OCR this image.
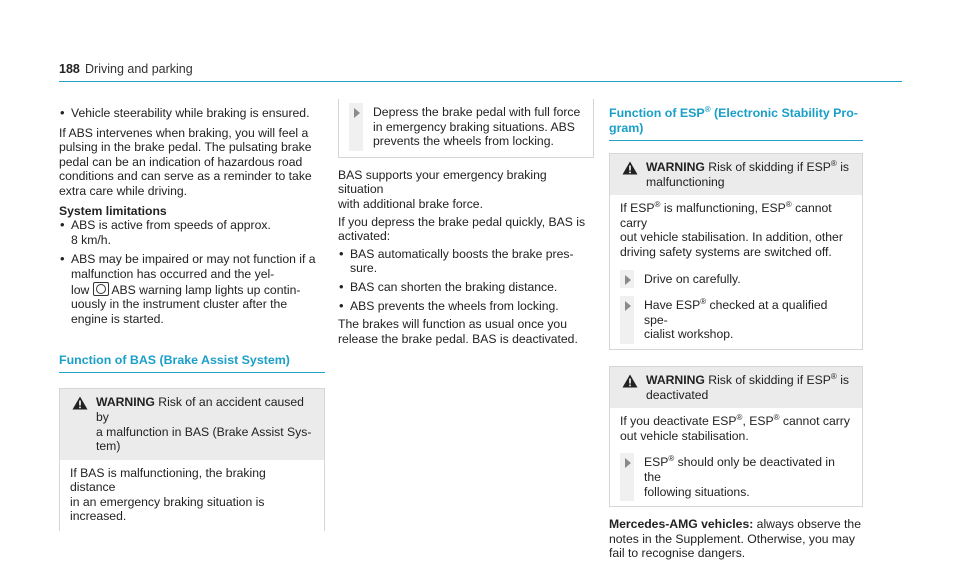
188 Driving and parking

• Vehicle steerability while braking is ensured.

If ABS intervenes when braking, you will feel a
pulsing in the brake pedal. The pulsating brake
pedal can be an indication of hazardous road
conditions and can serve as a reminder to take
extra care while driving.

System limitations

• ABS is active from speeds of approx.
8 km/h.

• ABS may be impaired or may not function if a
malfunction has occurred and the yel-
low ABS warning lamp lights up contin-
uously in the instrument cluster after the
engine is started.

Function of BAS (Brake Assist System)

WARNING Risk of an accident caused by
a malfunction in BAS (Brake Assist Sys-
tem)
If BAS is malfunctioning, the braking distance
in an emergency braking situation is
increased.
Depress the brake pedal with full force
in emergency braking situations. ABS
prevents the wheels from locking.

BAS supports your emergency braking situation
with additional brake force.

If you depress the brake pedal quickly, BAS is
activated:

• BAS automatically boosts the brake pres-
sure.

• BAS can shorten the braking distance.

• ABS prevents the wheels from locking.

The brakes will function as usual once you
release the brake pedal. BAS is deactivated.

Function of ESP® (Electronic Stability Pro-
gram)

WARNING Risk of skidding if ESP® is
malfunctioning
If ESP® is malfunctioning, ESP® cannot carry
out vehicle stabilisation. In addition, other
driving safety systems are switched off.
Drive on carefully.
Have ESP® checked at a qualified spe-
cialist workshop.
WARNING Risk of skidding if ESP® is
deactivated
If you deactivate ESP®, ESP® cannot carry
out vehicle stabilisation.
ESP® should only be deactivated in the
following situations.

Mercedes-AMG vehicles: always observe the
notes in the Supplement. Otherwise, you may
fail to recognise dangers.
